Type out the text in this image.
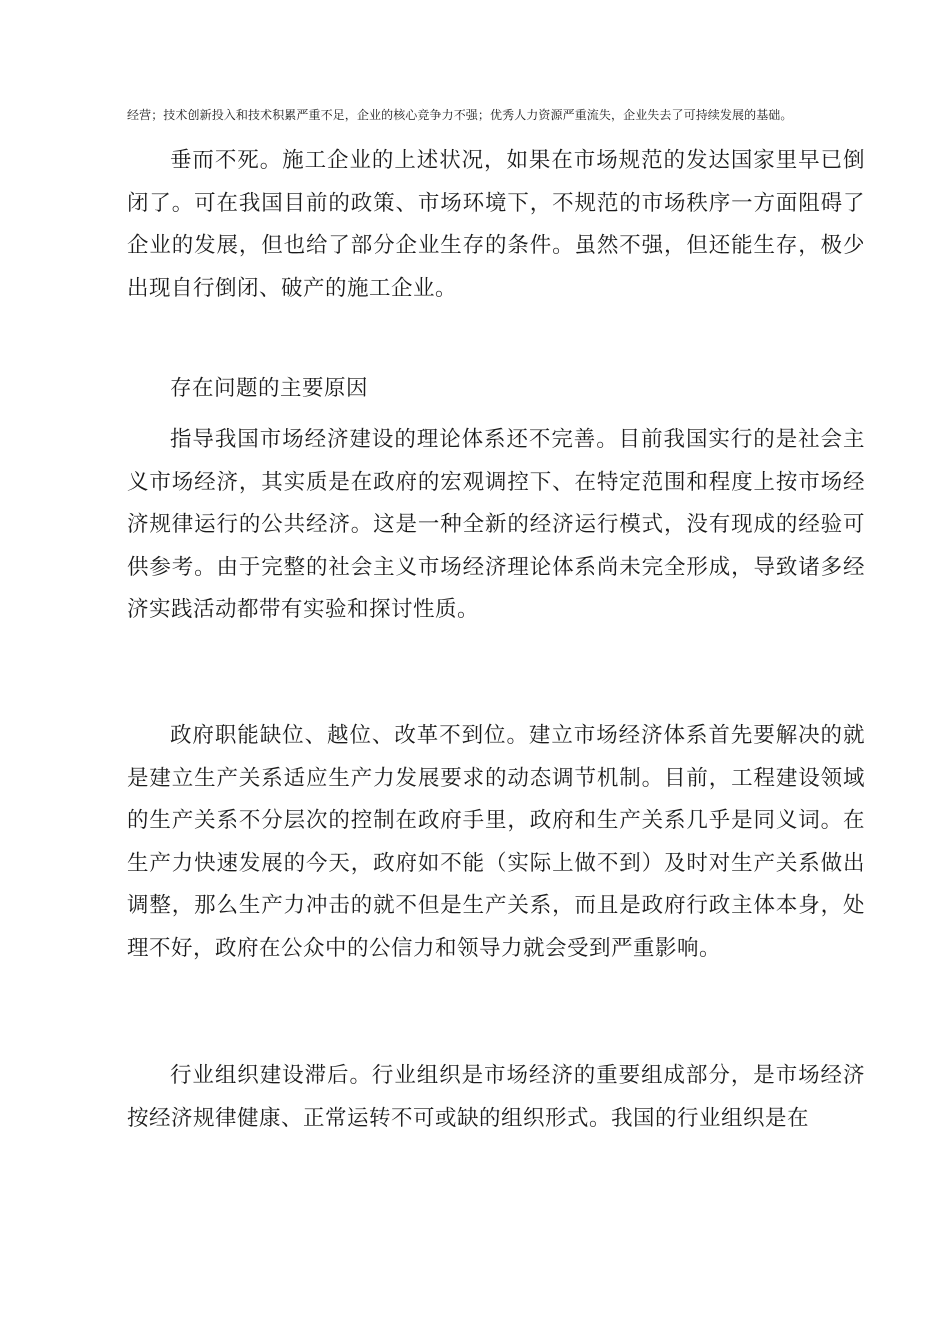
经营；技术创新投入和技术积累严重不足，企业的核心竞争力不强；优秀人力资源严重流失，企业失去了可持续发展的基础。

垂而不死。施工企业的上述状况，如果在市场规范的发达国家里早已倒闭了。可在我国目前的政策、市场环境下，不规范的市场秩序一方面阻碍了企业的发展，但也给了部分企业生存的条件。虽然不强，但还能生存，极少出现自行倒闭、破产的施工企业。

存在问题的主要原因

指导我国市场经济建设的理论体系还不完善。目前我国实行的是社会主义市场经济，其实质是在政府的宏观调控下、在特定范围和程度上按市场经济规律运行的公共经济。这是一种全新的经济运行模式，没有现成的经验可供参考。由于完整的社会主义市场经济理论体系尚未完全形成，导致诸多经济实践活动都带有实验和探讨性质。

政府职能缺位、越位、改革不到位。建立市场经济体系首先要解决的就是建立生产关系适应生产力发展要求的动态调节机制。目前，工程建设领域的生产关系不分层次的控制在政府手里，政府和生产关系几乎是同义词。在生产力快速发展的今天，政府如不能（实际上做不到）及时对生产关系做出调整，那么生产力冲击的就不但是生产关系，而且是政府行政主体本身，处理不好，政府在公众中的公信力和领导力就会受到严重影响。

行业组织建设滞后。行业组织是市场经济的重要组成部分，是市场经济按经济规律健康、正常运转不可或缺的组织形式。我国的行业组织是在
